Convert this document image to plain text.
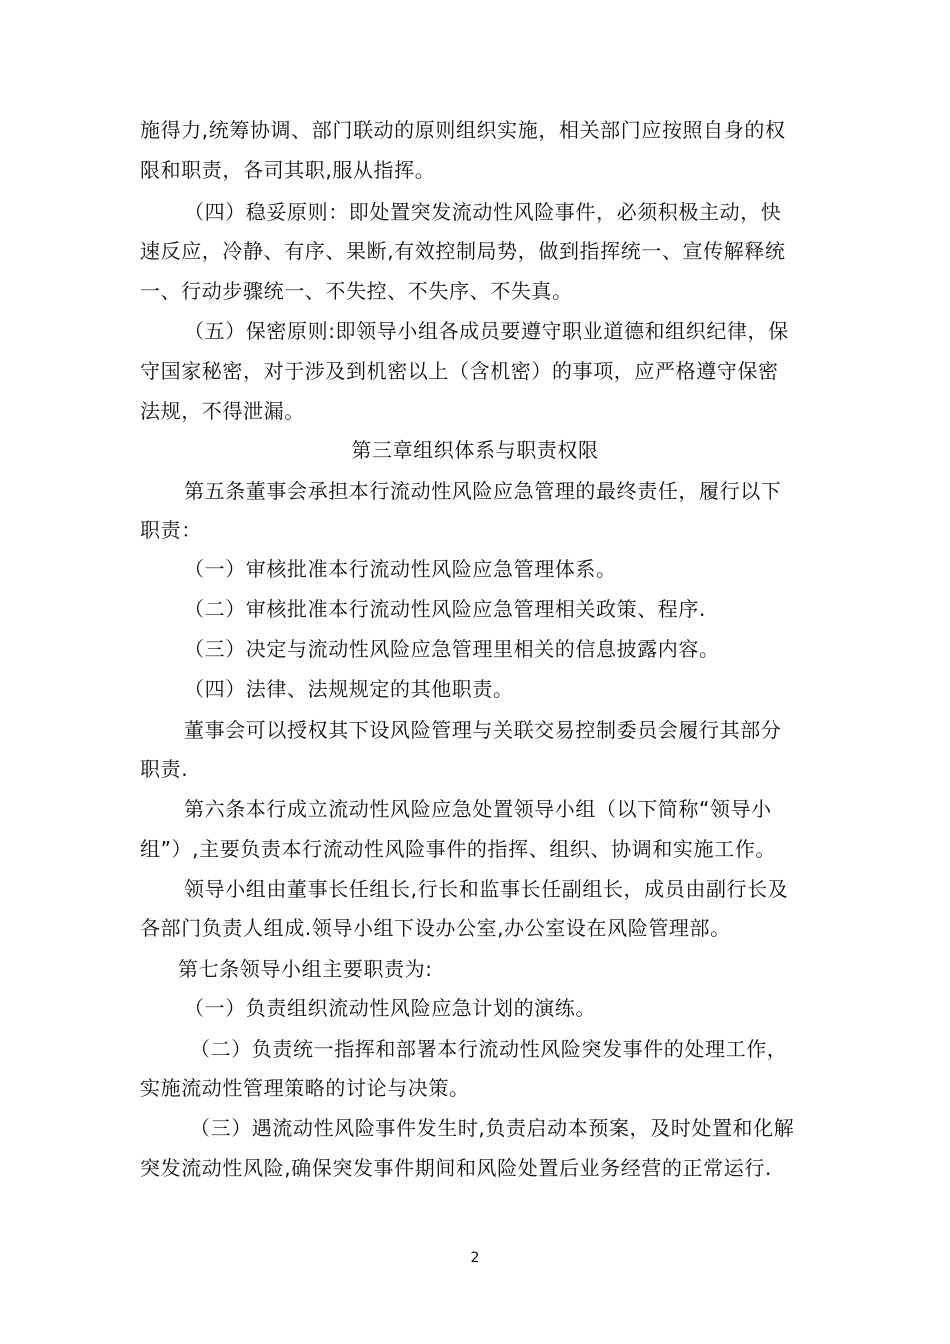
施得力,统筹协调、部门联动的原则组织实施，相关部门应按照自身的权
限和职责，各司其职,服从指挥。
（四）稳妥原则：即处置突发流动性风险事件，必须积极主动，快
速反应，冷静、有序、果断,有效控制局势，做到指挥统一、宣传解释统
一、行动步骤统一、不失控、不失序、不失真。
（五）保密原则:即领导小组各成员要遵守职业道德和组织纪律，保
守国家秘密，对于涉及到机密以上（含机密）的事项，应严格遵守保密
法规，不得泄漏。
第三章组织体系与职责权限
第五条董事会承担本行流动性风险应急管理的最终责任，履行以下
职责：
（一）审核批准本行流动性风险应急管理体系。
（二）审核批准本行流动性风险应急管理相关政策、程序.
（三）决定与流动性风险应急管理里相关的信息披露内容。
（四）法律、法规规定的其他职责。
董事会可以授权其下设风险管理与关联交易控制委员会履行其部分
职责.
第六条本行成立流动性风险应急处置领导小组（以下简称“领导小
组”）,主要负责本行流动性风险事件的指挥、组织、协调和实施工作。
领导小组由董事长任组长,行长和监事长任副组长，成员由副行长及
各部门负责人组成.领导小组下设办公室,办公室设在风险管理部。
第七条领导小组主要职责为:
（一）负责组织流动性风险应急计划的演练。
（二）负责统一指挥和部署本行流动性风险突发事件的处理工作，
实施流动性管理策略的讨论与决策。
（三）遇流动性风险事件发生时,负责启动本预案，及时处置和化解
突发流动性风险,确保突发事件期间和风险处置后业务经营的正常运行.
2
